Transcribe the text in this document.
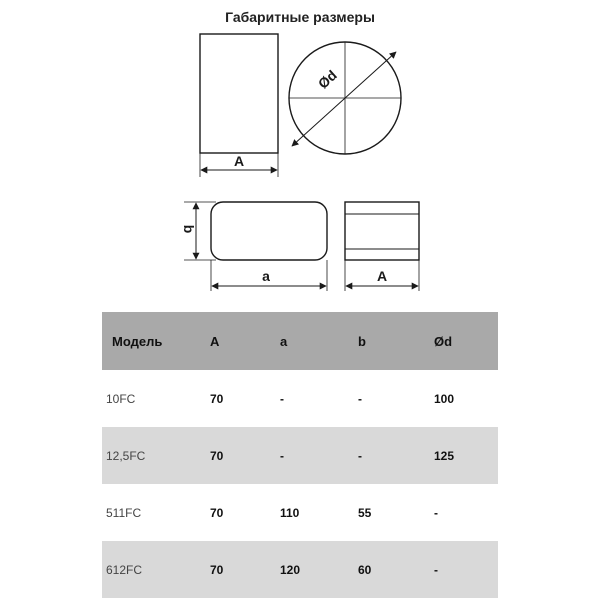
Габаритные размеры
A
Ød
b
a	A
Модель	A	a	b	Ød
10FC	70	-	-	100
12,5FC	70	-	-	125
511FC	70	110	55	-
612FC	70	120	60	-
